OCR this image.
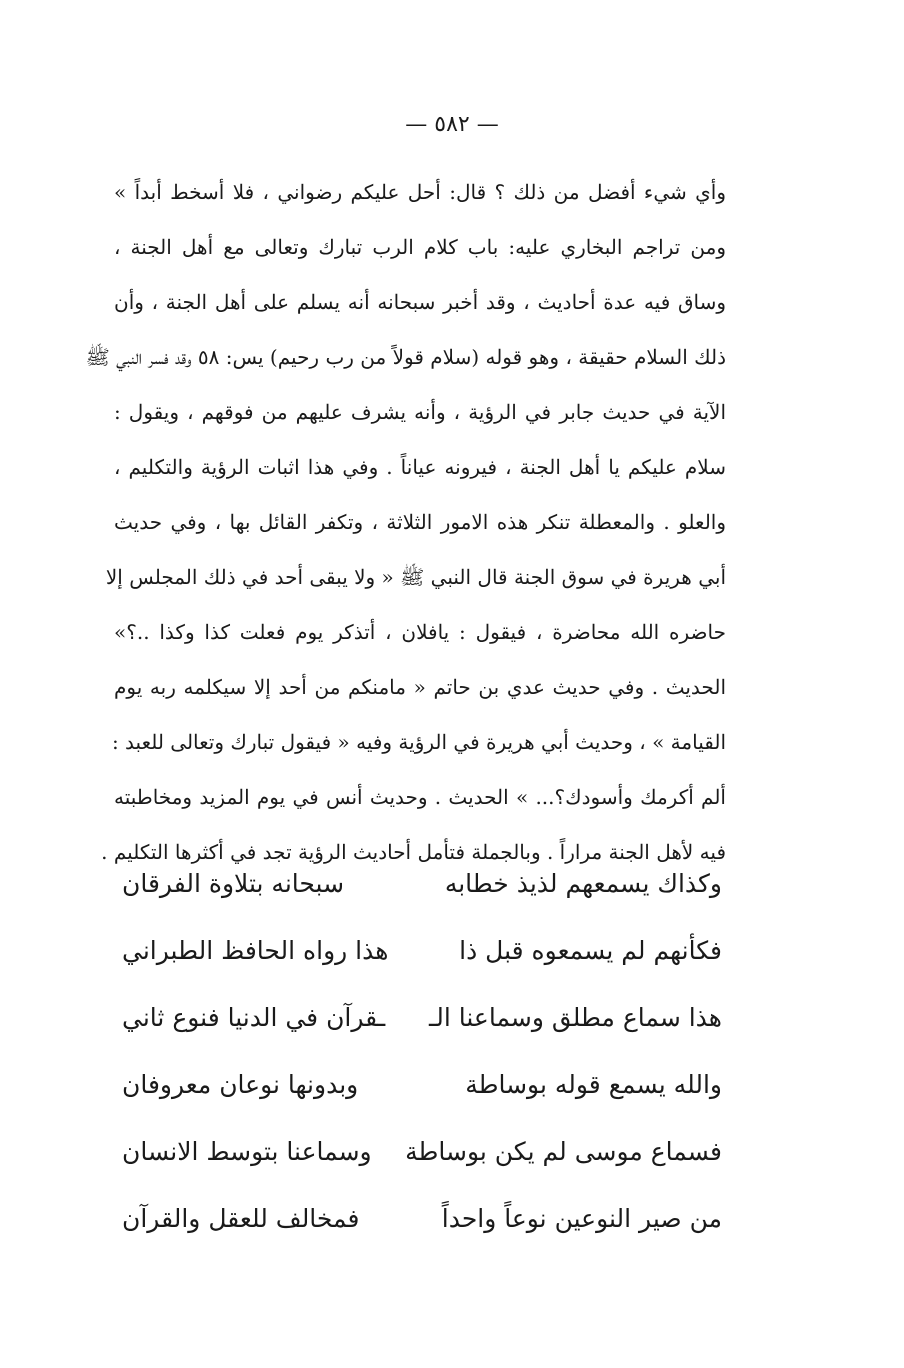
— ٥٨٢ —
وأي شيء أفضل من ذلك ؟ قال: أحل عليكم رضواني ، فلا أسخط أبداً »
ومن تراجم البخاري عليه: باب كلام الرب تبارك وتعالى مع أهل الجنة ،
وساق فيه عدة أحاديث ، وقد أخبر سبحانه أنه يسلم على أهل الجنة ، وأن
ذلك السلام حقيقة ، وهو قوله (سلام قولاً من رب رحيم) يس: ٥٨ وقد فسر النبي ﷺ
الآية في حديث جابر في الرؤية ، وأنه يشرف عليهم من فوقهم ، ويقول :
سلام عليكم يا أهل الجنة ، فيرونه عياناً . وفي هذا اثبات الرؤية والتكليم ،
والعلو . والمعطلة تنكر هذه الامور الثلاثة ، وتكفر القائل بها ، وفي حديث
أبي هريرة في سوق الجنة قال النبي ﷺ « ولا يبقى أحد في ذلك المجلس إلا
حاضره الله محاضرة ، فيقول : يافلان ، أتذكر يوم فعلت كذا وكذا ..؟»
الحديث . وفي حديث عدي بن حاتم « مامنكم من أحد إلا سيكلمه ربه يوم
القيامة » ، وحديث أبي هريرة في الرؤية وفيه « فيقول تبارك وتعالى للعبد :
ألم أكرمك وأسودك؟... » الحديث . وحديث أنس في يوم المزيد ومخاطبته
فيه لأهل الجنة مراراً . وبالجملة فتأمل أحاديث الرؤية تجد في أكثرها التكليم .
وكذاك يسمعهم لذيذ خطابه
سبحانه بتلاوة الفرقان
فكأنهم لم يسمعوه قبل ذا
هذا رواه الحافظ الطبراني
هذا سماع مطلق وسماعنا الـ
ـقرآن في الدنيا فنوع ثاني
والله يسمع قوله بوساطة
وبدونها نوعان معروفان
فسماع موسى لم يكن بوساطة
وسماعنا بتوسط الانسان
من صير النوعين نوعاً واحداً
فمخالف للعقل والقرآن
